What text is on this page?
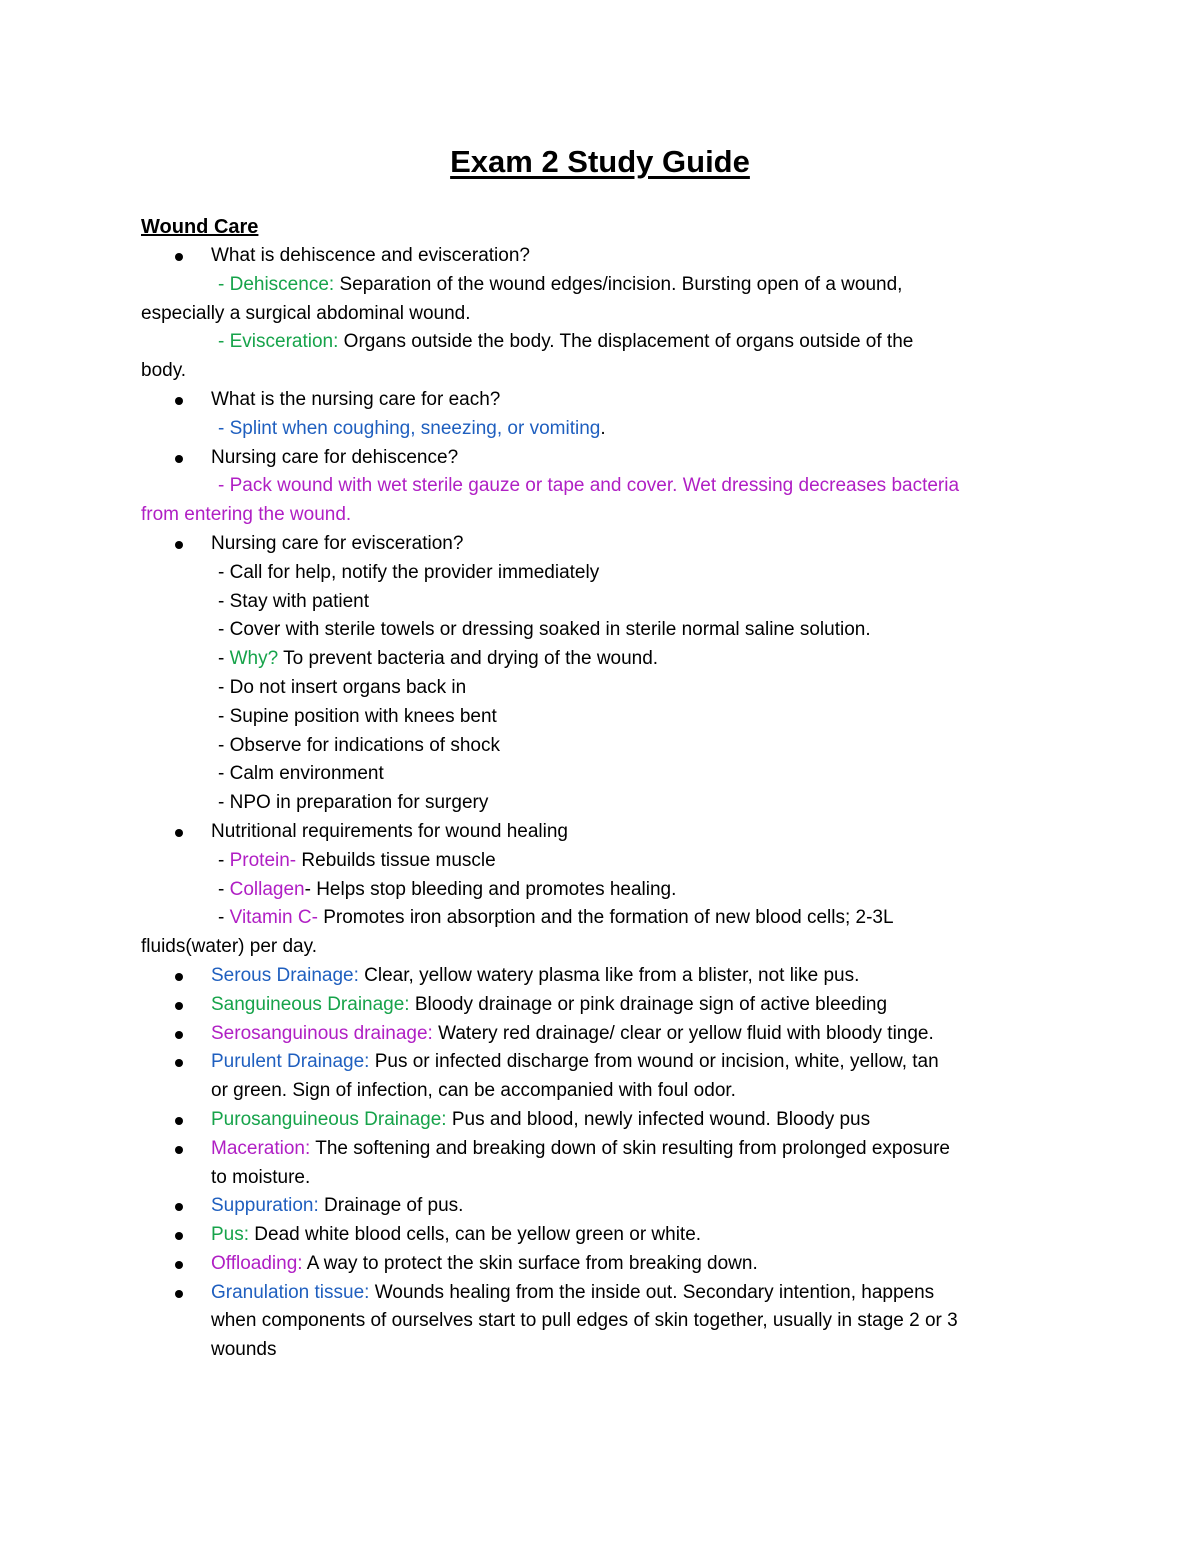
Exam 2 Study Guide
Wound Care
What is dehiscence and evisceration?
- Dehiscence: Separation of the wound edges/incision. Bursting open of a wound,
especially a surgical abdominal wound.
- Evisceration: Organs outside the body. The displacement of organs outside of the
body.
What is the nursing care for each?
- Splint when coughing, sneezing, or vomiting.
Nursing care for dehiscence?
- Pack wound with wet sterile gauze or tape and cover. Wet dressing decreases bacteria
from entering the wound.
Nursing care for evisceration?
- Call for help, notify the provider immediately
- Stay with patient
- Cover with sterile towels or dressing soaked in sterile normal saline solution.
- Why? To prevent bacteria and drying of the wound.
- Do not insert organs back in
- Supine position with knees bent
- Observe for indications of shock
- Calm environment
- NPO in preparation for surgery
Nutritional requirements for wound healing
- Protein- Rebuilds tissue muscle
- Collagen- Helps stop bleeding and promotes healing.
- Vitamin C- Promotes iron absorption and the formation of new blood cells; 2-3L
fluids(water) per day.
Serous Drainage: Clear, yellow watery plasma like from a blister, not like pus.
Sanguineous Drainage: Bloody drainage or pink drainage sign of active bleeding
Serosanguinous drainage: Watery red drainage/ clear or yellow fluid with bloody tinge.
Purulent Drainage: Pus or infected discharge from wound or incision, white, yellow, tan
or green. Sign of infection, can be accompanied with foul odor.
Purosanguineous Drainage: Pus and blood, newly infected wound. Bloody pus
Maceration: The softening and breaking down of skin resulting from prolonged exposure
to moisture.
Suppuration: Drainage of pus.
Pus: Dead white blood cells, can be yellow green or white.
Offloading: A way to protect the skin surface from breaking down.
Granulation tissue: Wounds healing from the inside out. Secondary intention, happens
when components of ourselves start to pull edges of skin together, usually in stage 2 or 3
wounds
